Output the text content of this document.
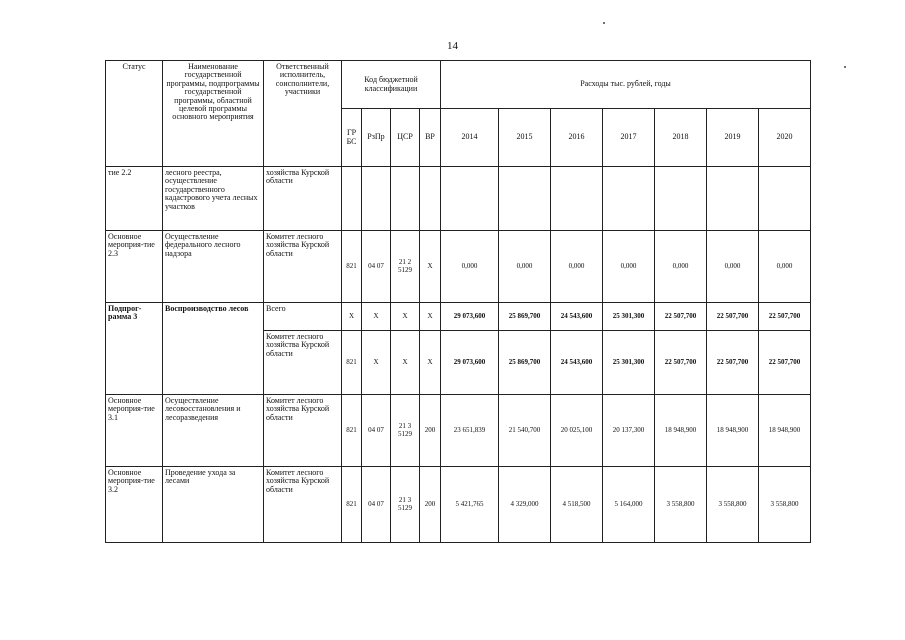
14
Статус	Наименование государственной программы, подпрограммы государственной программы, областной целевой программы основного мероприятия	Ответственный исполнитель, соисполнители, участники	Код бюджетной классификации				Расходы тыс. рублей, годы						
			ГР БС	РзПр	ЦСР	ВР	2014	2015	2016	2017	2018	2019	2020
тие 2.2	лесного реестра, осуществление государственного кадастрового учета лесных участков	хозяйства Курской области											
Основное мероприя-тие 2.3	Осуществление федерального лесного надзора	Комитет лесного хозяйства Курской области	821	04 07	21 2 5129	Х	0,000	0,000	0,000	0,000	0,000	0,000	0,000
Подпрог-рамма 3	Воспроизводство лесов	Всего	Х	Х	Х	Х	29 073,600	25 869,700	24 543,600	25 301,300	22 507,700	22 507,700	22 507,700
		Комитет лесного хозяйства Курской области	821	Х	Х	Х	29 073,600	25 869,700	24 543,600	25 301,300	22 507,700	22 507,700	22 507,700
Основное мероприя-тие 3.1	Осуществление лесовосстановления и лесоразведения	Комитет лесного хозяйства Курской области	821	04 07	21 3 5129	200	23 651,839	21 540,700	20 025,100	20 137,300	18 948,900	18 948,900	18 948,900
Основное мероприя-тие 3.2	Проведение ухода за лесами	Комитет лесного хозяйства Курской области	821	04 07	21 3 5129	200	5 421,765	4 329,000	4 518,500	5 164,000	3 558,800	3 558,800	3 558,800
